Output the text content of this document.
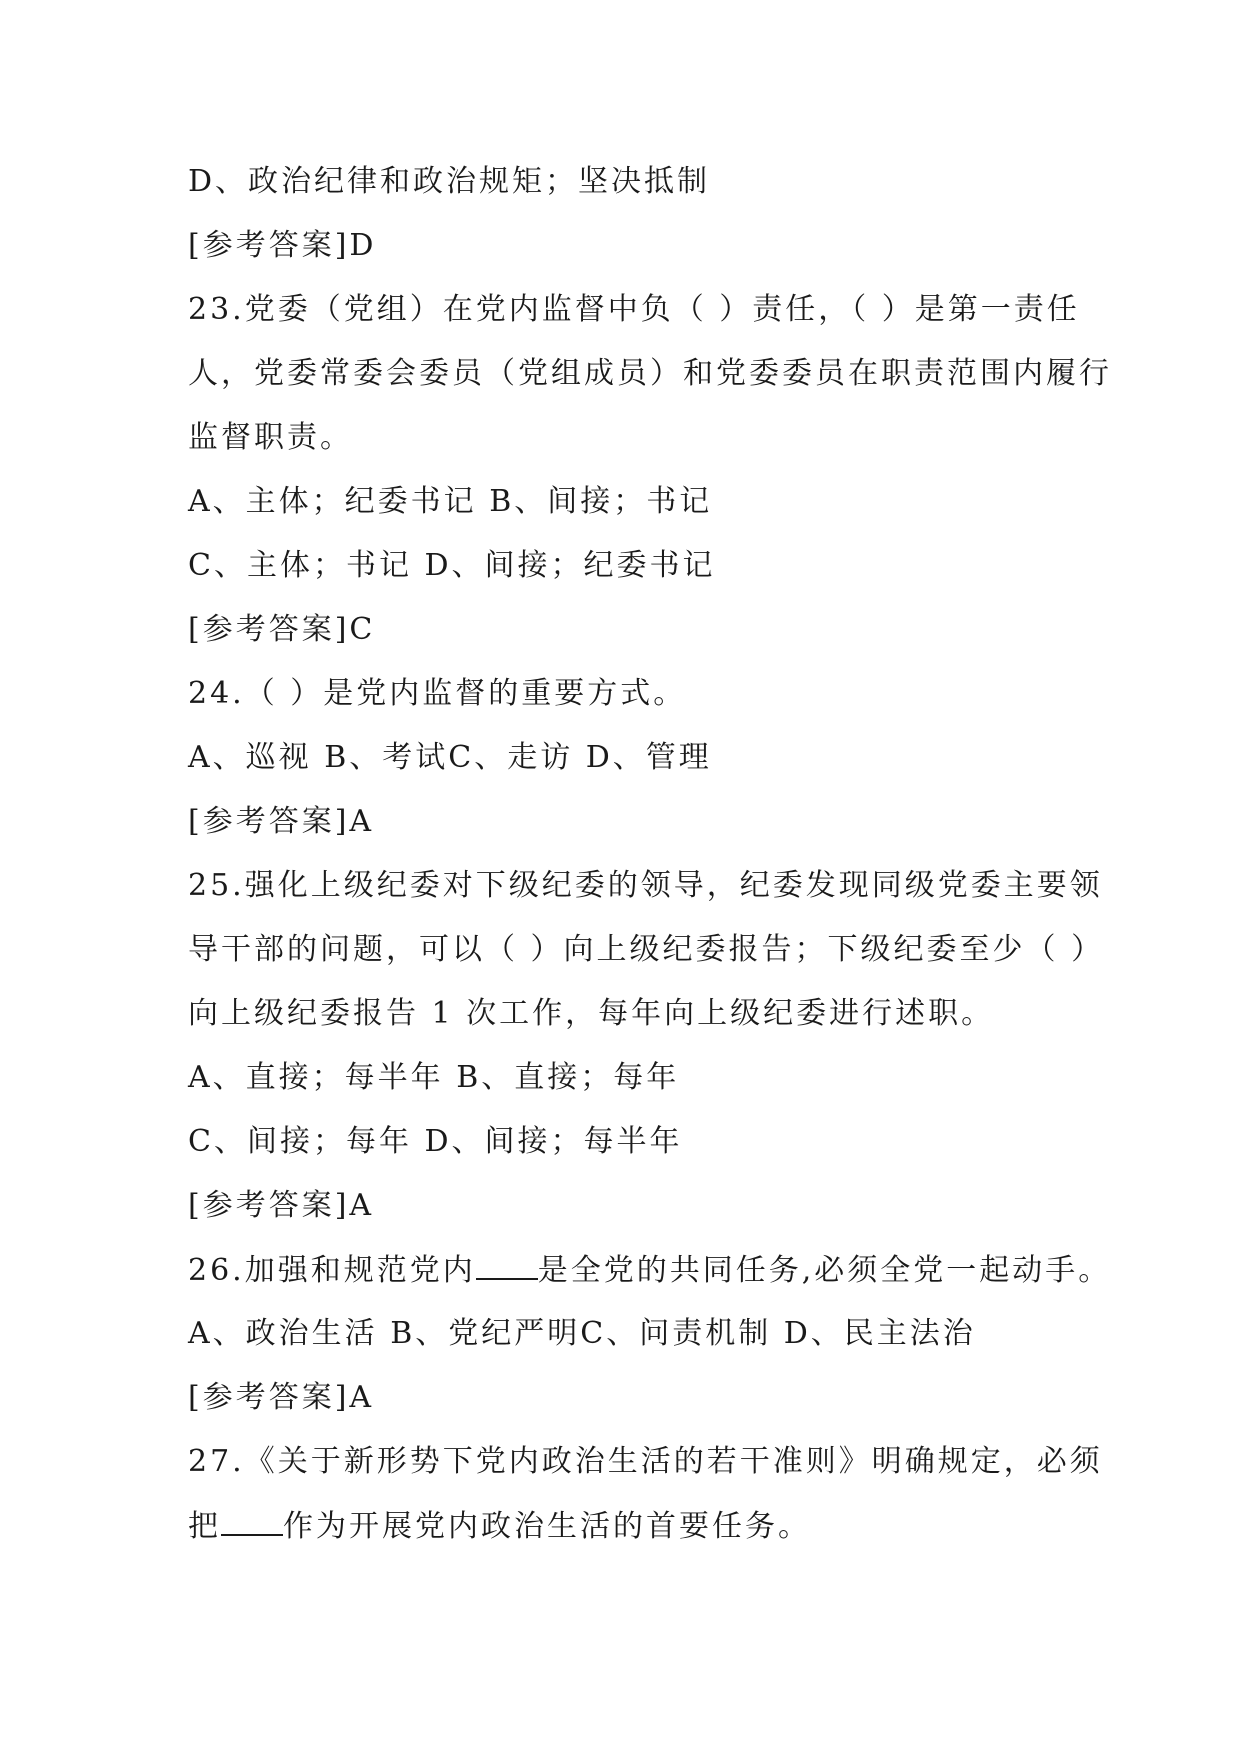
D、政治纪律和政治规矩；坚决抵制
[参考答案]D
23.党委（党组）在党内监督中负（ ）责任，（ ）是第一责任
人，党委常委会委员（党组成员）和党委委员在职责范围内履行
监督职责。
A、主体；纪委书记 B、间接；书记
C、主体；书记 D、间接；纪委书记
[参考答案]C
24.（ ）是党内监督的重要方式。
A、巡视 B、考试C、走访 D、管理
[参考答案]A
25.强化上级纪委对下级纪委的领导，纪委发现同级党委主要领
导干部的问题，可以（ ）向上级纪委报告；下级纪委至少（ ）
向上级纪委报告 1 次工作，每年向上级纪委进行述职。
A、直接；每半年 B、直接；每年
C、间接；每年 D、间接；每半年
[参考答案]A
26.加强和规范党内 是全党的共同任务,必须全党一起动手。
A、政治生活 B、党纪严明C、问责机制 D、民主法治
[参考答案]A
27.《关于新形势下党内政治生活的若干准则》明确规定，必须
把 作为开展党内政治生活的首要任务。
